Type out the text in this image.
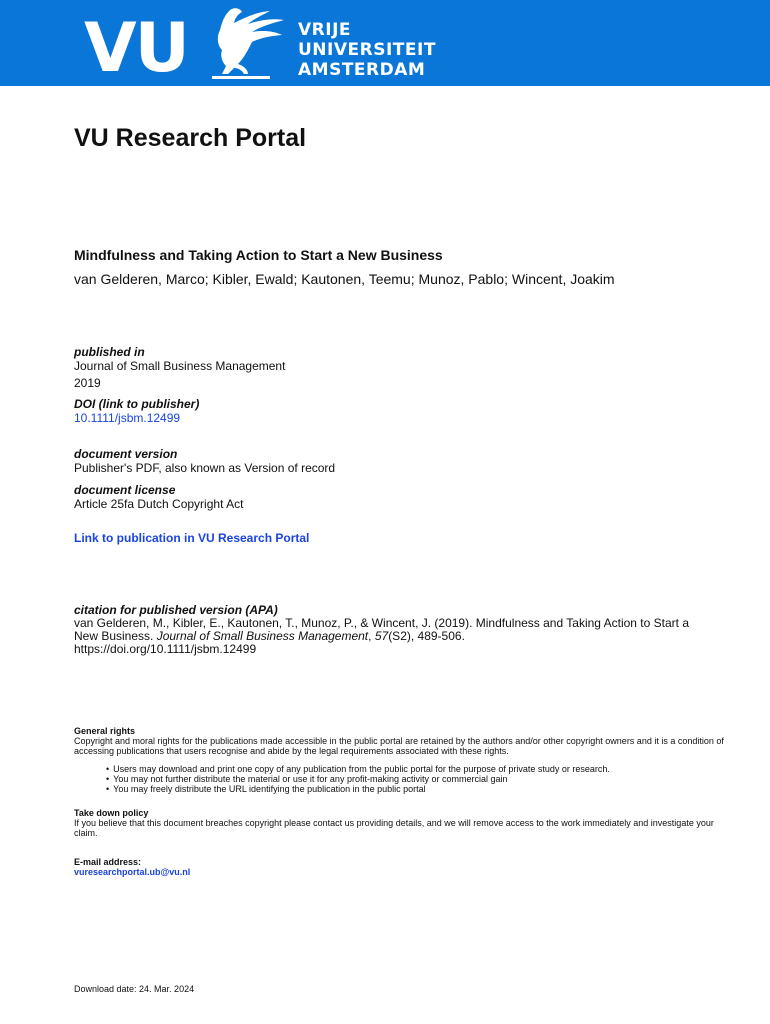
VU	VRIJE
UNIVERSITEIT
AMSTERDAM
VU Research Portal
Mindfulness and Taking Action to Start a New Business
van Gelderen, Marco; Kibler, Ewald; Kautonen, Teemu; Munoz, Pablo; Wincent, Joakim
published in
Journal of Small Business Management
2019
DOI (link to publisher)
10.1111/jsbm.12499
document version
Publisher's PDF, also known as Version of record
document license
Article 25fa Dutch Copyright Act
Link to publication in VU Research Portal
citation for published version (APA)
van Gelderen, M., Kibler, E., Kautonen, T., Munoz, P., & Wincent, J. (2019). Mindfulness and Taking Action to Start a New Business. Journal of Small Business Management, 57(S2), 489-506.
https://doi.org/10.1111/jsbm.12499
General rights
Copyright and moral rights for the publications made accessible in the public portal are retained by the authors and/or other copyright owners and it is a condition of accessing publications that users recognise and abide by the legal requirements associated with these rights.
• Users may download and print one copy of any publication from the public portal for the purpose of private study or research.
• You may not further distribute the material or use it for any profit-making activity or commercial gain
• You may freely distribute the URL identifying the publication in the public portal
Take down policy
If you believe that this document breaches copyright please contact us providing details, and we will remove access to the work immediately and investigate your claim.
E-mail address:
vuresearchportal.ub@vu.nl
Download date: 24. Mar. 2024
